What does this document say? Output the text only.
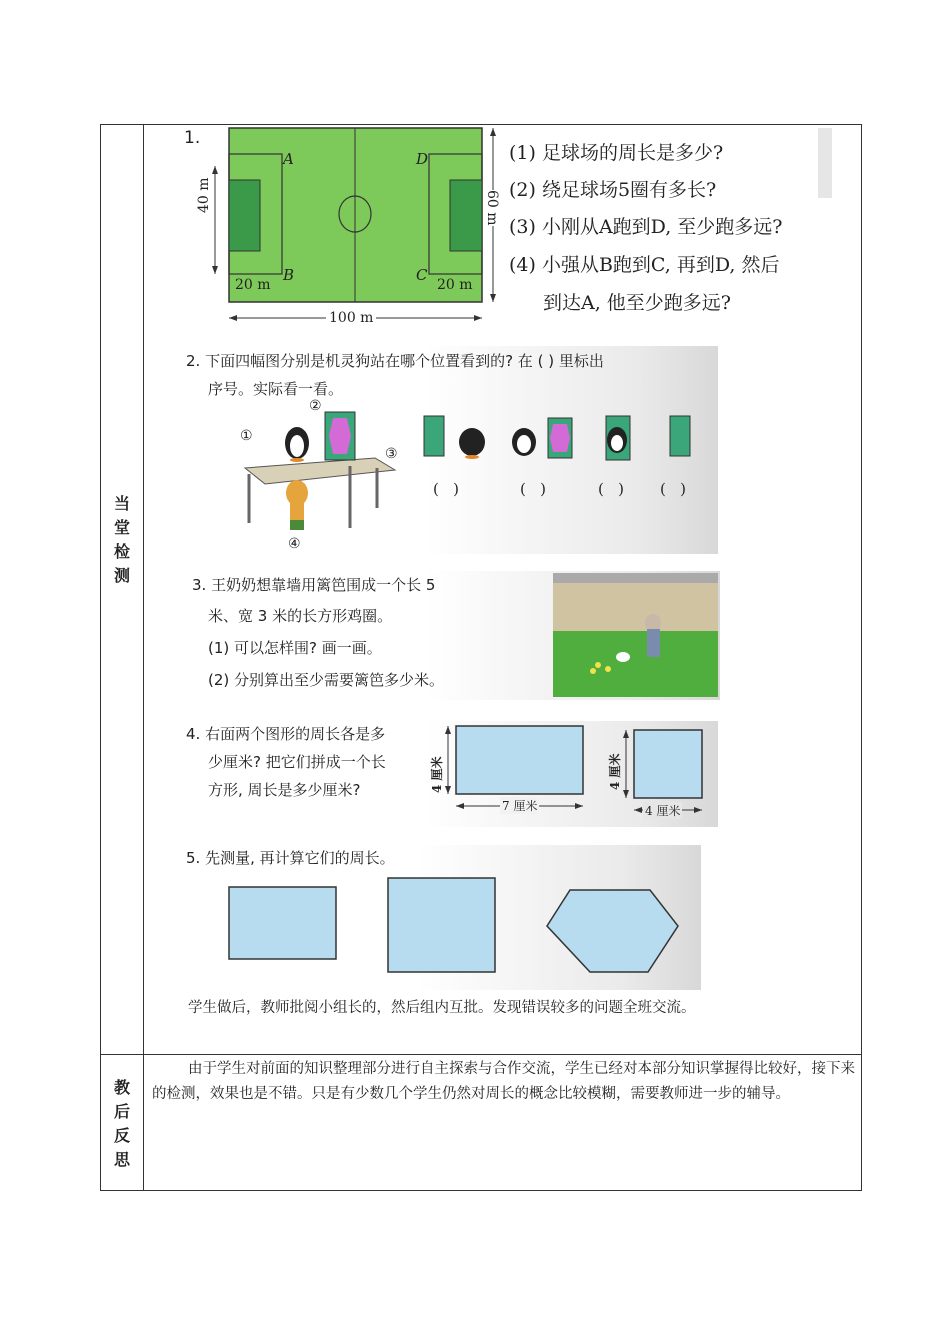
当
堂
检
测
教
后
反
思
1.
A
B	C
D
40 m	60 m
100 m
20 m	20 m
(1) 足球场的周长是多少?
(2) 绕足球场5圈有多长?
(3) 小刚从A跑到D, 至少跑多远?
(4) 小强从B跑到C, 再到D, 然后
到达A, 他至少跑多远?
2. 下面四幅图分别是机灵狗站在哪个位置看到的? 在 ( ) 里标出
序号。实际看一看。
①
②
③
④
(   )	(   )	(   ) (   )
3. 王奶奶想靠墙用篱笆围成一个长 5
米、宽 3 米的长方形鸡圈。
(1) 可以怎样围? 画一画。
(2) 分别算出至少需要篱笆多少米。
4. 右面两个图形的周长各是多
少厘米? 把它们拼成一个长
方形, 周长是多少厘米?	4 厘米
7 厘米
4 厘米
4 厘米
5. 先测量, 再计算它们的周长。
学生做后，教师批阅小组长的，然后组内互批。发现错误较多的问题全班交流。
由于学生对前面的知识整理部分进行自主探索与合作交流，学生已经对本部分知识掌握得比较好，接下来的检测，效果也是不错。只是有少数几个学生仍然对周长的概念比较模糊，需要教师进一步的辅导。
